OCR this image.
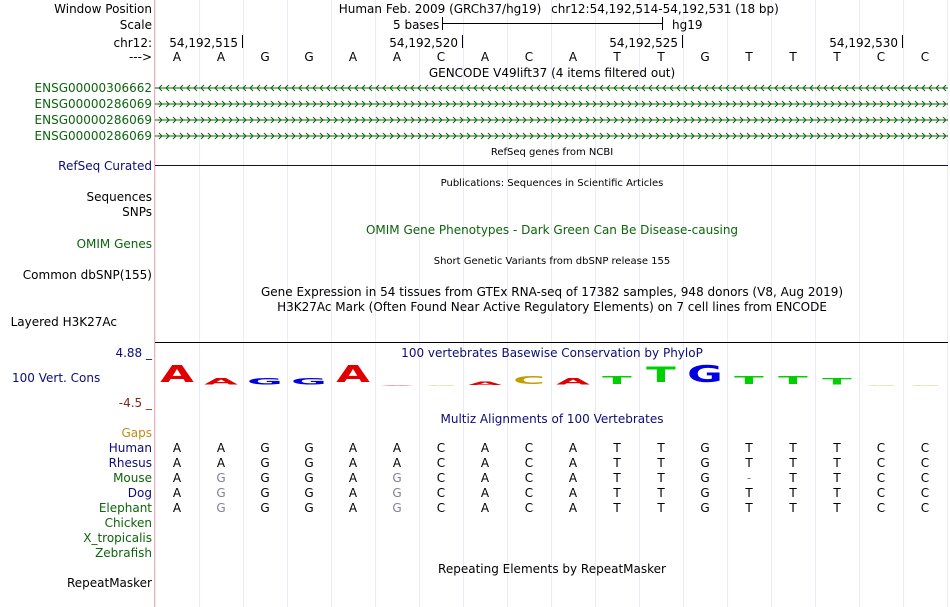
Window Position	Human Feb. 2009 (GRCh37/hg19) chr12:54,192,514-54,192,531 (18 bp)
Scale	5 bases	hg19
chr12: 54,192,515	54,192,520	54,192,525	54,192,530
---> A	A	G	G	A	A	C	A	C	A	T	T	G	T	T	T	C	C
GENCODE V49lift37 (4 items filtered out)
ENSG00000306662
ENSG00000286069
ENSG00000286069
ENSG00000286069
RefSeq genes from NCBI
RefSeq Curated
Publications: Sequences in Scientific Articles
Sequences
SNPs
OMIM Gene Phenotypes - Dark Green Can Be Disease-causing
OMIM Genes
Short Genetic Variants from dbSNP release 155
Common dbSNP(155)
Gene Expression in 54 tissues from GTEx RNA-seq of 17382 samples, 948 donors (V8, Aug 2019)
H3K27Ac Mark (Often Found Near Active Regulatory Elements) on 7 cell lines from ENCODE
Layered H3K27Ac
100 vertebrates Basewise Conservation by PhyloP
4.88 _
100 Vert. Cons
-4.5 _
A A G G A A C A C A T T G T T T C C
Multiz Alignments of 100 Vertebrates
Gaps
Human A	A	G	G	A	A	C	A	C	A	T	T	G	T	T	T	C	C
Rhesus A	A	G	G	A	A	C	A	C	A	T	T	G	T	T	T	C	C
Mouse A	G	G	G	A	G	C	A	C	A	T	T	G	-	T	T	C	C
Dog A	G	G	G	A	G	C	A	C	A	T	T	G	T	T	T	C	C
Elephant A	G	G	G	A	G	C	A	C	A	T	T	G	T	T	T	C	C
Chicken
X_tropicalis
Zebrafish
Repeating Elements by RepeatMasker
RepeatMasker
